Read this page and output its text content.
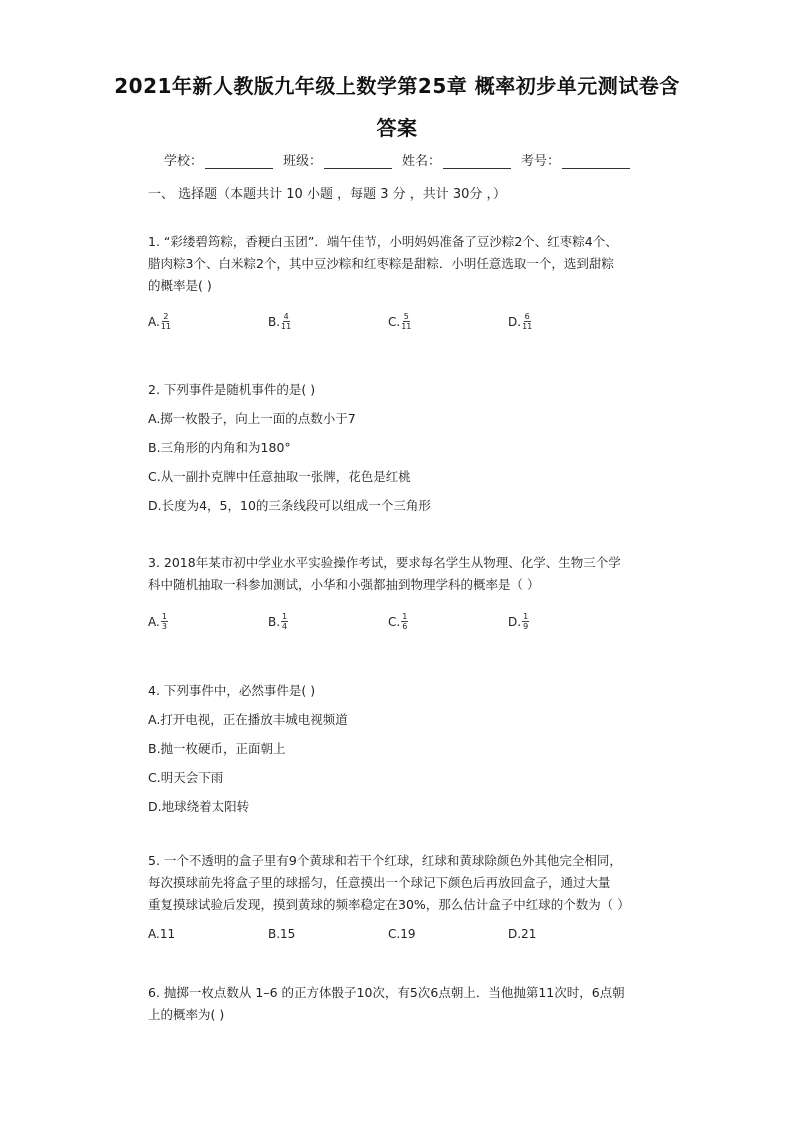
2021年新人教版九年级上数学第25章 概率初步单元测试卷含
答案
学校：	班级：	姓名：	考号：
一、 选择题（本题共计 10 小题 ，每题 3 分 ，共计 30分 ，）
1. “彩缕碧筠粽，香粳白玉团”．端午佳节，小明妈妈准备了豆沙粽2个、红枣粽4个、
腊肉粽3个、白米粽2个，其中豆沙粽和红枣粽是甜粽．小明任意选取一个，选到甜粽
的概率是( )
A. $\frac{2}{11}$	B. $\frac{4}{11}$	C. $\frac{5}{11}$	D. $\frac{6}{11}$
2. 下列事件是随机事件的是( )
A.掷一枚骰子，向上一面的点数小于7
B.三角形的内角和为180°
C.从一副扑克牌中任意抽取一张牌，花色是红桃
D.长度为4，5，10的三条线段可以组成一个三角形
3. 2018年某市初中学业水平实验操作考试，要求每名学生从物理、化学、生物三个学
科中随机抽取一科参加测试，小华和小强都抽到物理学科的概率是（ ）
A. $\frac{1}{3}$	B. $\frac{1}{4}$	C. $\frac{1}{6}$	D. $\frac{1}{9}$
4. 下列事件中，必然事件是( )
A.打开电视，正在播放丰城电视频道
B.抛一枚硬币，正面朝上
C.明天会下雨
D.地球绕着太阳转
5. 一个不透明的盒子里有9个黄球和若干个红球，红球和黄球除颜色外其他完全相同，
每次摸球前先将盒子里的球摇匀，任意摸出一个球记下颜色后再放回盒子，通过大量
重复摸球试验后发现，摸到黄球的频率稳定在30%，那么估计盒子中红球的个数为（ ）
A.11	B.15	C.19	D.21
6. 抛掷一枚点数从 1–6 的正方体骰子10次，有5次6点朝上．当他抛第11次时，6点朝
上的概率为( )
